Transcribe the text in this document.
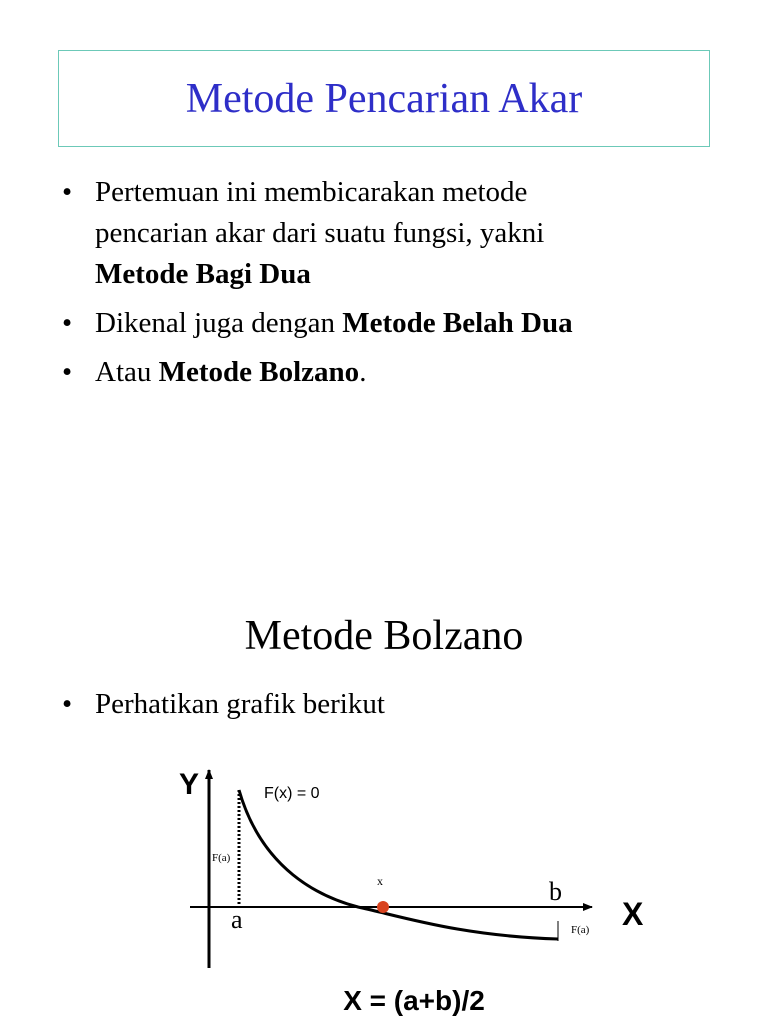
Metode Pencarian Akar
• Pertemuan ini membicarakan metode
pencarian akar dari suatu fungsi, yakni
Metode Bagi Dua
• Dikenal juga dengan Metode Belah Dua
• Atau Metode Bolzano.
Metode Bolzano
• Perhatikan grafik berikut
Y	F(x) = 0
F(a)
x	b
a	X
F(a)
X = (a+b)/2
